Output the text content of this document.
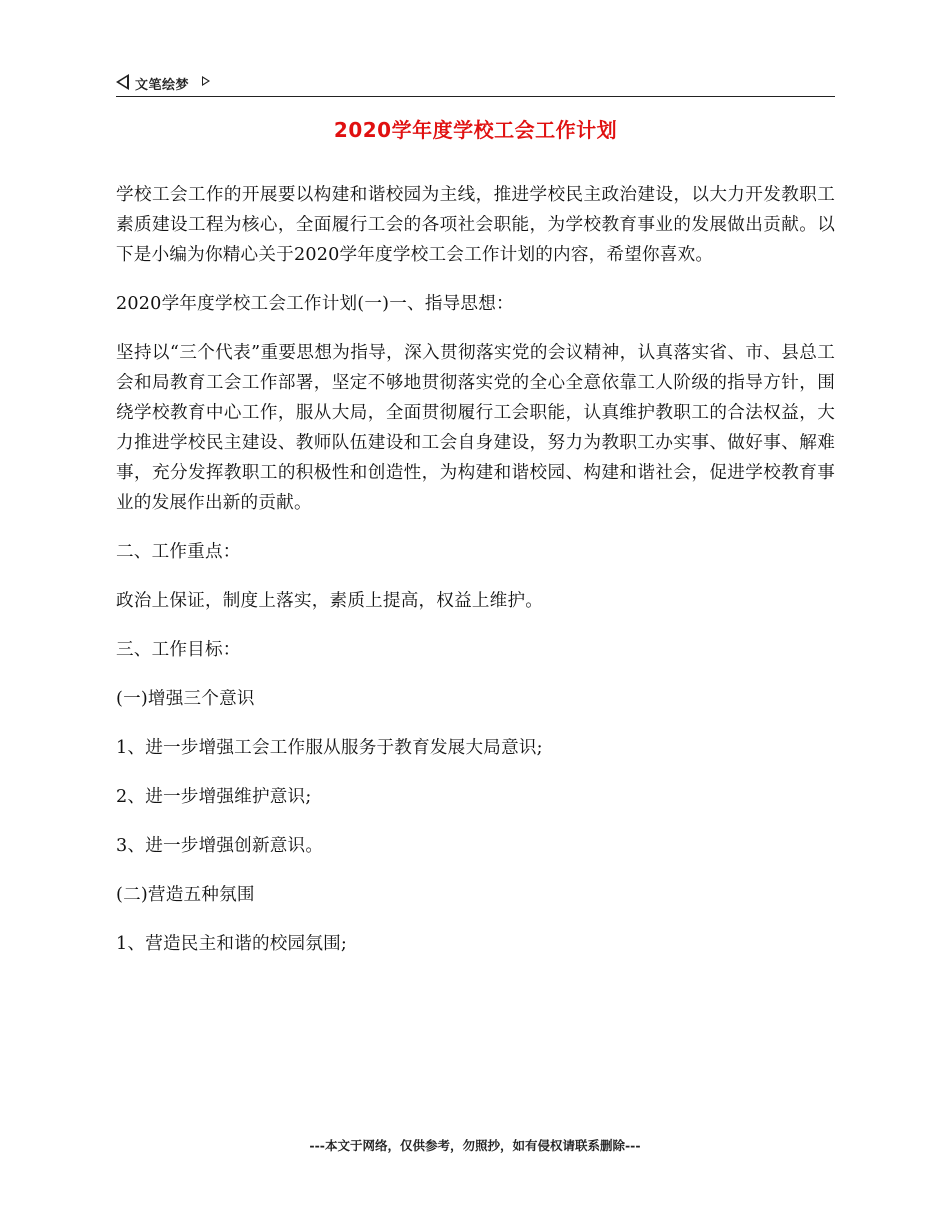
文笔绘梦
2020学年度学校工会工作计划

学校工会工作的开展要以构建和谐校园为主线，推进学校民主政治建设，以大力开发教职工素质建设工程为核心，全面履行工会的各项社会职能，为学校教育事业的发展做出贡献。以下是小编为你精心关于2020学年度学校工会工作计划的内容，希望你喜欢。

2020学年度学校工会工作计划(一)一、指导思想：

坚持以“三个代表”重要思想为指导，深入贯彻落实党的会议精神，认真落实省、市、县总工会和局教育工会工作部署，坚定不够地贯彻落实党的全心全意依靠工人阶级的指导方针，围绕学校教育中心工作，服从大局，全面贯彻履行工会职能，认真维护教职工的合法权益，大力推进学校民主建设、教师队伍建设和工会自身建设，努力为教职工办实事、做好事、解难事，充分发挥教职工的积极性和创造性，为构建和谐校园、构建和谐社会，促进学校教育事业的发展作出新的贡献。

二、工作重点：

政治上保证，制度上落实，素质上提高，权益上维护。

三、工作目标：

(一)增强三个意识

1、进一步增强工会工作服从服务于教育发展大局意识;

2、进一步增强维护意识;

3、进一步增强创新意识。

(二)营造五种氛围

1、营造民主和谐的校园氛围;

---本文于网络，仅供参考，勿照抄，如有侵权请联系删除---
